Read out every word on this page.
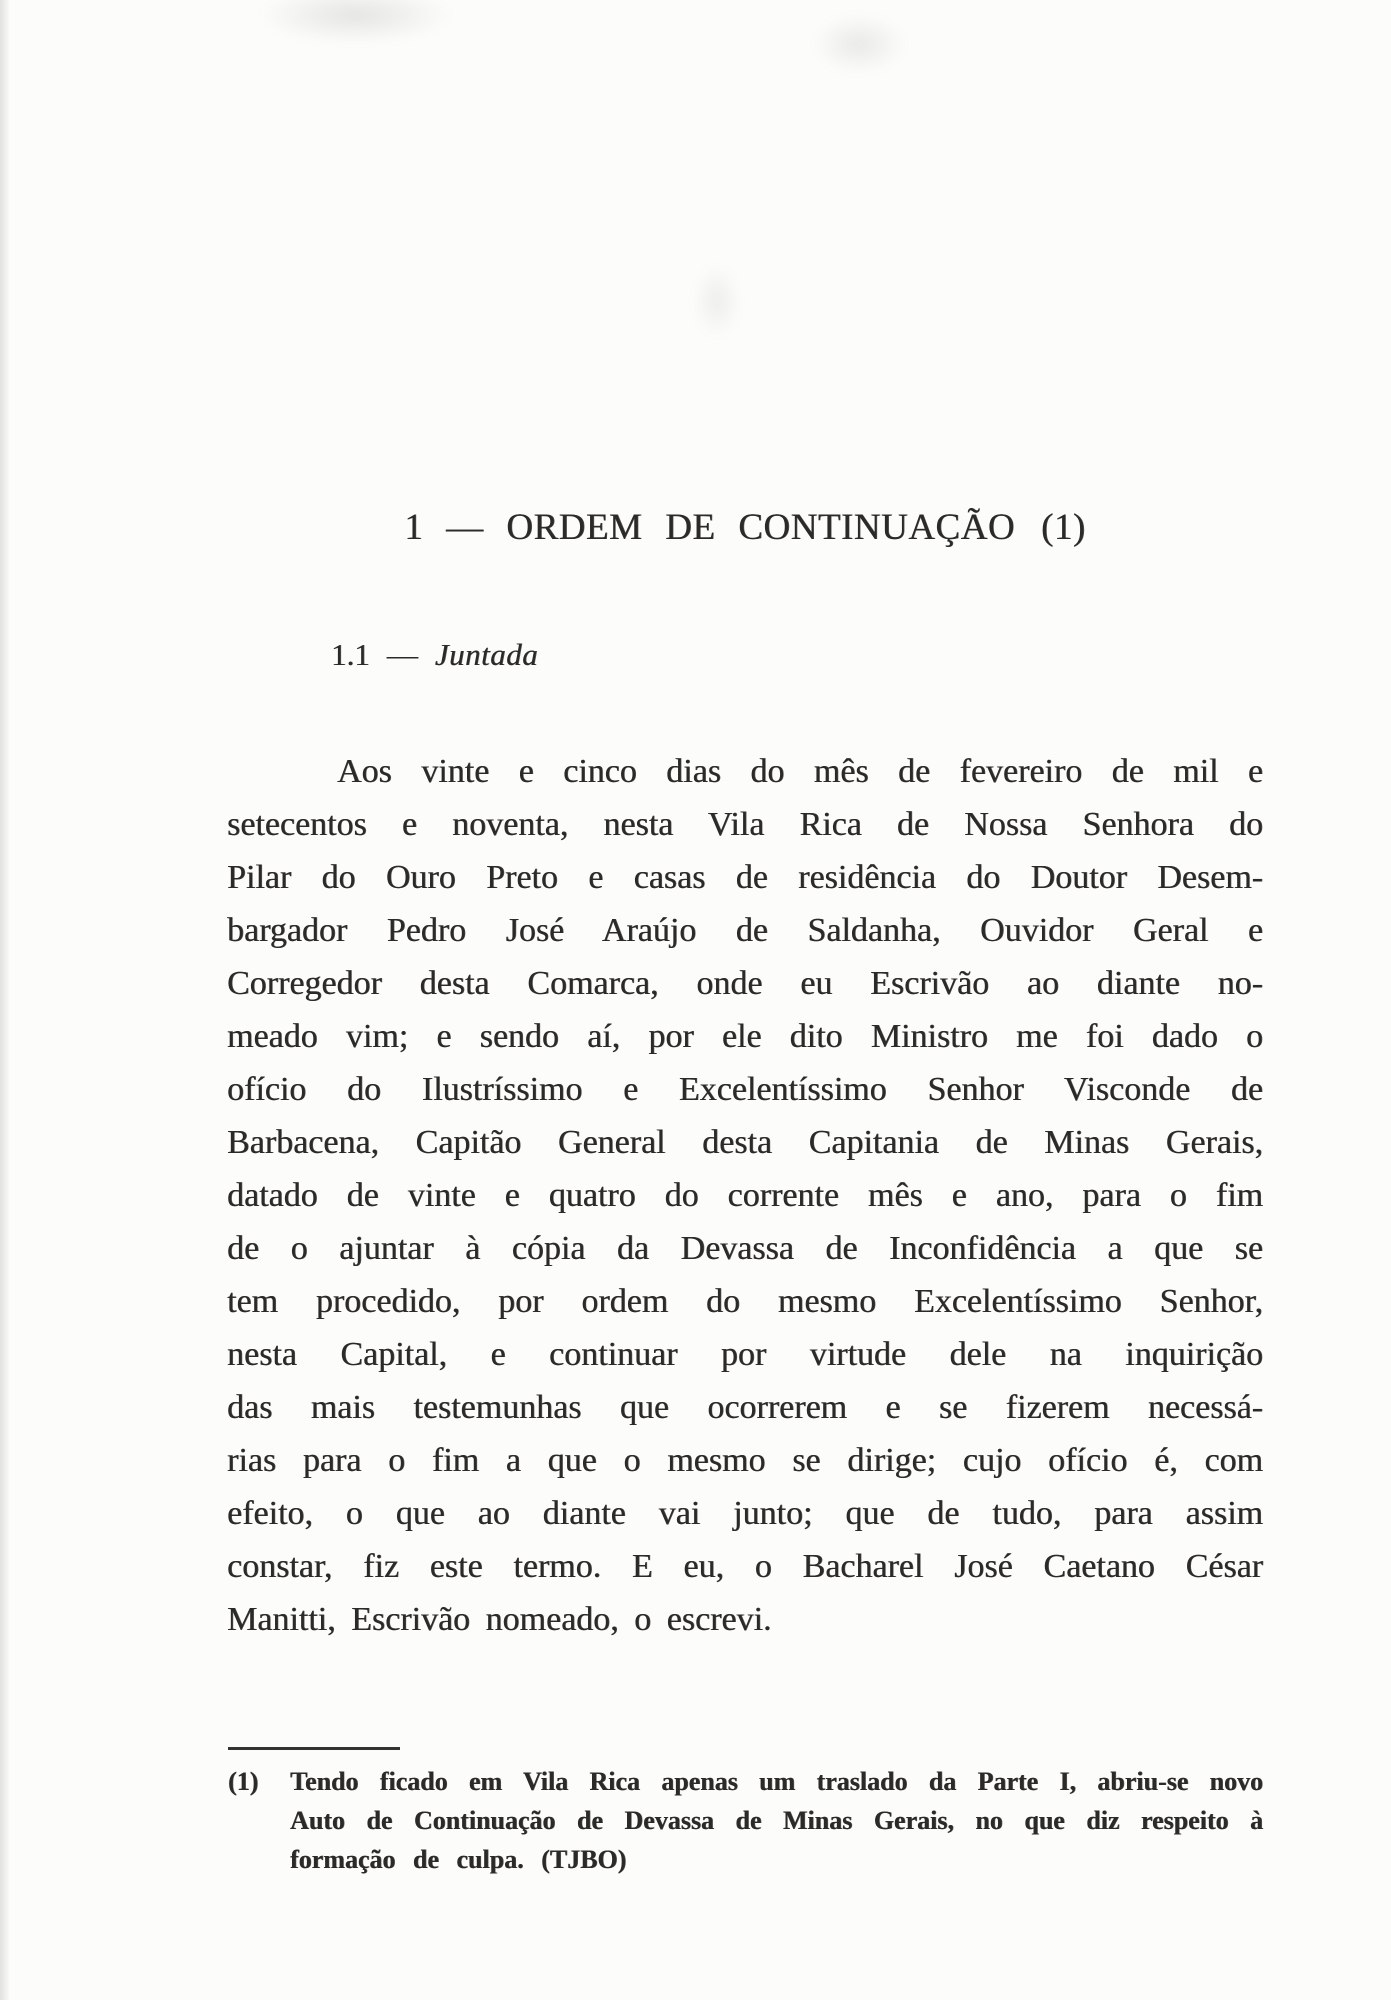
1 — ORDEM DE CONTINUAÇÃO (1)
1.1 — Juntada
Aos vinte e cinco dias do mês de fevereiro de mil e
setecentos e noventa, nesta Vila Rica de Nossa Senhora do
Pilar do Ouro Preto e casas de residência do Doutor Desem-
bargador Pedro José Araújo de Saldanha, Ouvidor Geral e
Corregedor desta Comarca, onde eu Escrivão ao diante no-
meado vim; e sendo aí, por ele dito Ministro me foi dado o
ofício do Ilustríssimo e Excelentíssimo Senhor Visconde de
Barbacena, Capitão General desta Capitania de Minas Gerais,
datado de vinte e quatro do corrente mês e ano, para o fim
de o ajuntar à cópia da Devassa de Inconfidência a que se
tem procedido, por ordem do mesmo Excelentíssimo Senhor,
nesta Capital, e continuar por virtude dele na inquirição
das mais testemunhas que ocorrerem e se fizerem necessá-
rias para o fim a que o mesmo se dirige; cujo ofício é, com
efeito, o que ao diante vai junto; que de tudo, para assim
constar, fiz este termo. E eu, o Bacharel José Caetano César
Manitti, Escrivão nomeado, o escrevi.
(1) Tendo ficado em Vila Rica apenas um traslado da Parte I, abriu-se novo
Auto de Continuação de Devassa de Minas Gerais, no que diz respeito à
formação de culpa. (TJBO)
